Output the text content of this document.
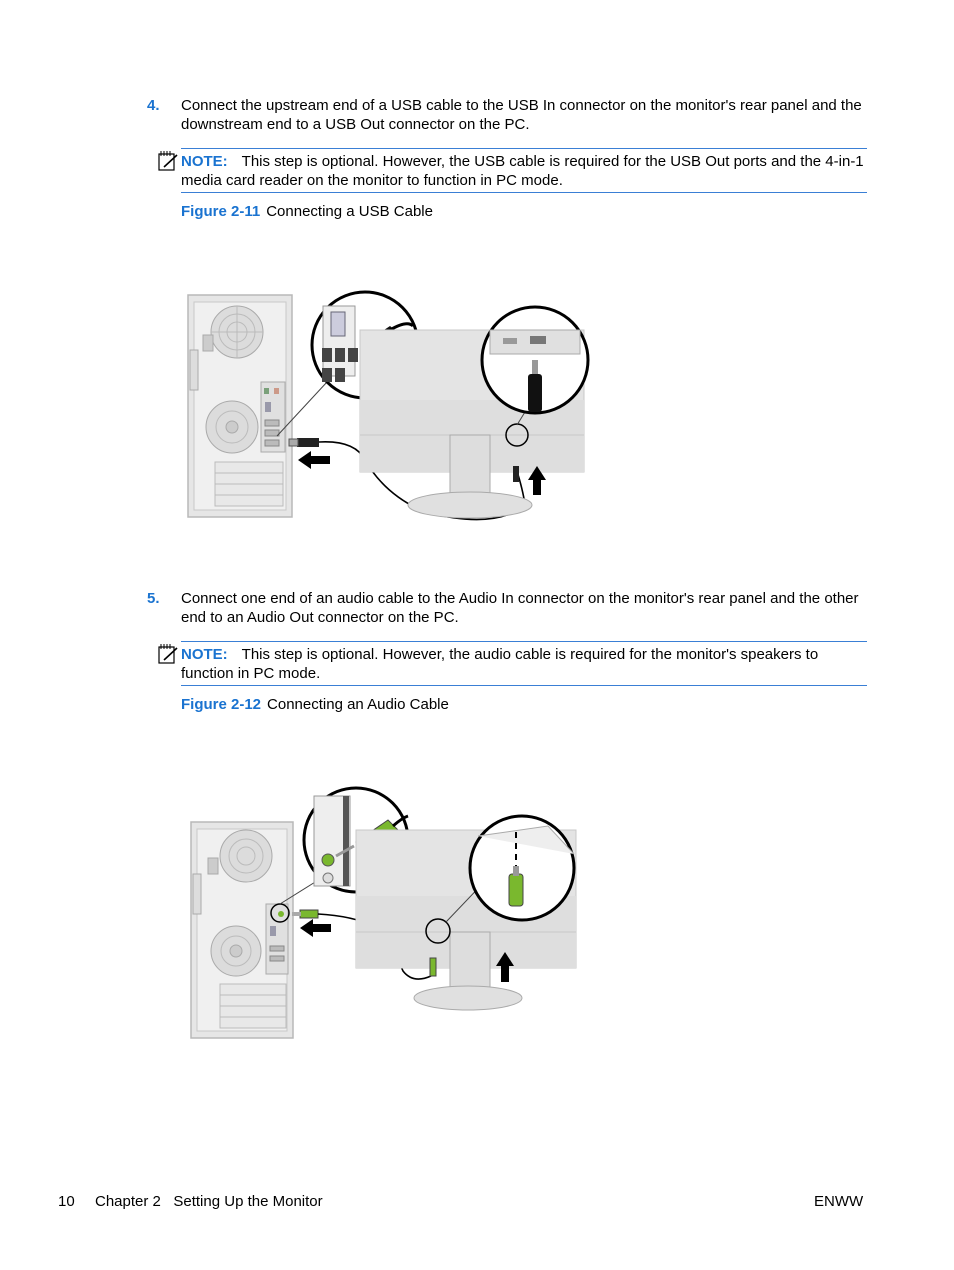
4. Connect the upstream end of a USB cable to the USB In connector on the monitor's rear panel and the downstream end to a USB Out connector on the PC.
NOTE: This step is optional. However, the USB cable is required for the USB Out ports and the 4-in-1 media card reader on the monitor to function in PC mode.
Figure 2-11 Connecting a USB Cable
5. Connect one end of an audio cable to the Audio In connector on the monitor's rear panel and the other end to an Audio Out connector on the PC.
NOTE: This step is optional. However, the audio cable is required for the monitor's speakers to function in PC mode.
Figure 2-12 Connecting an Audio Cable
10 Chapter 2   Setting Up the Monitor	ENWW
